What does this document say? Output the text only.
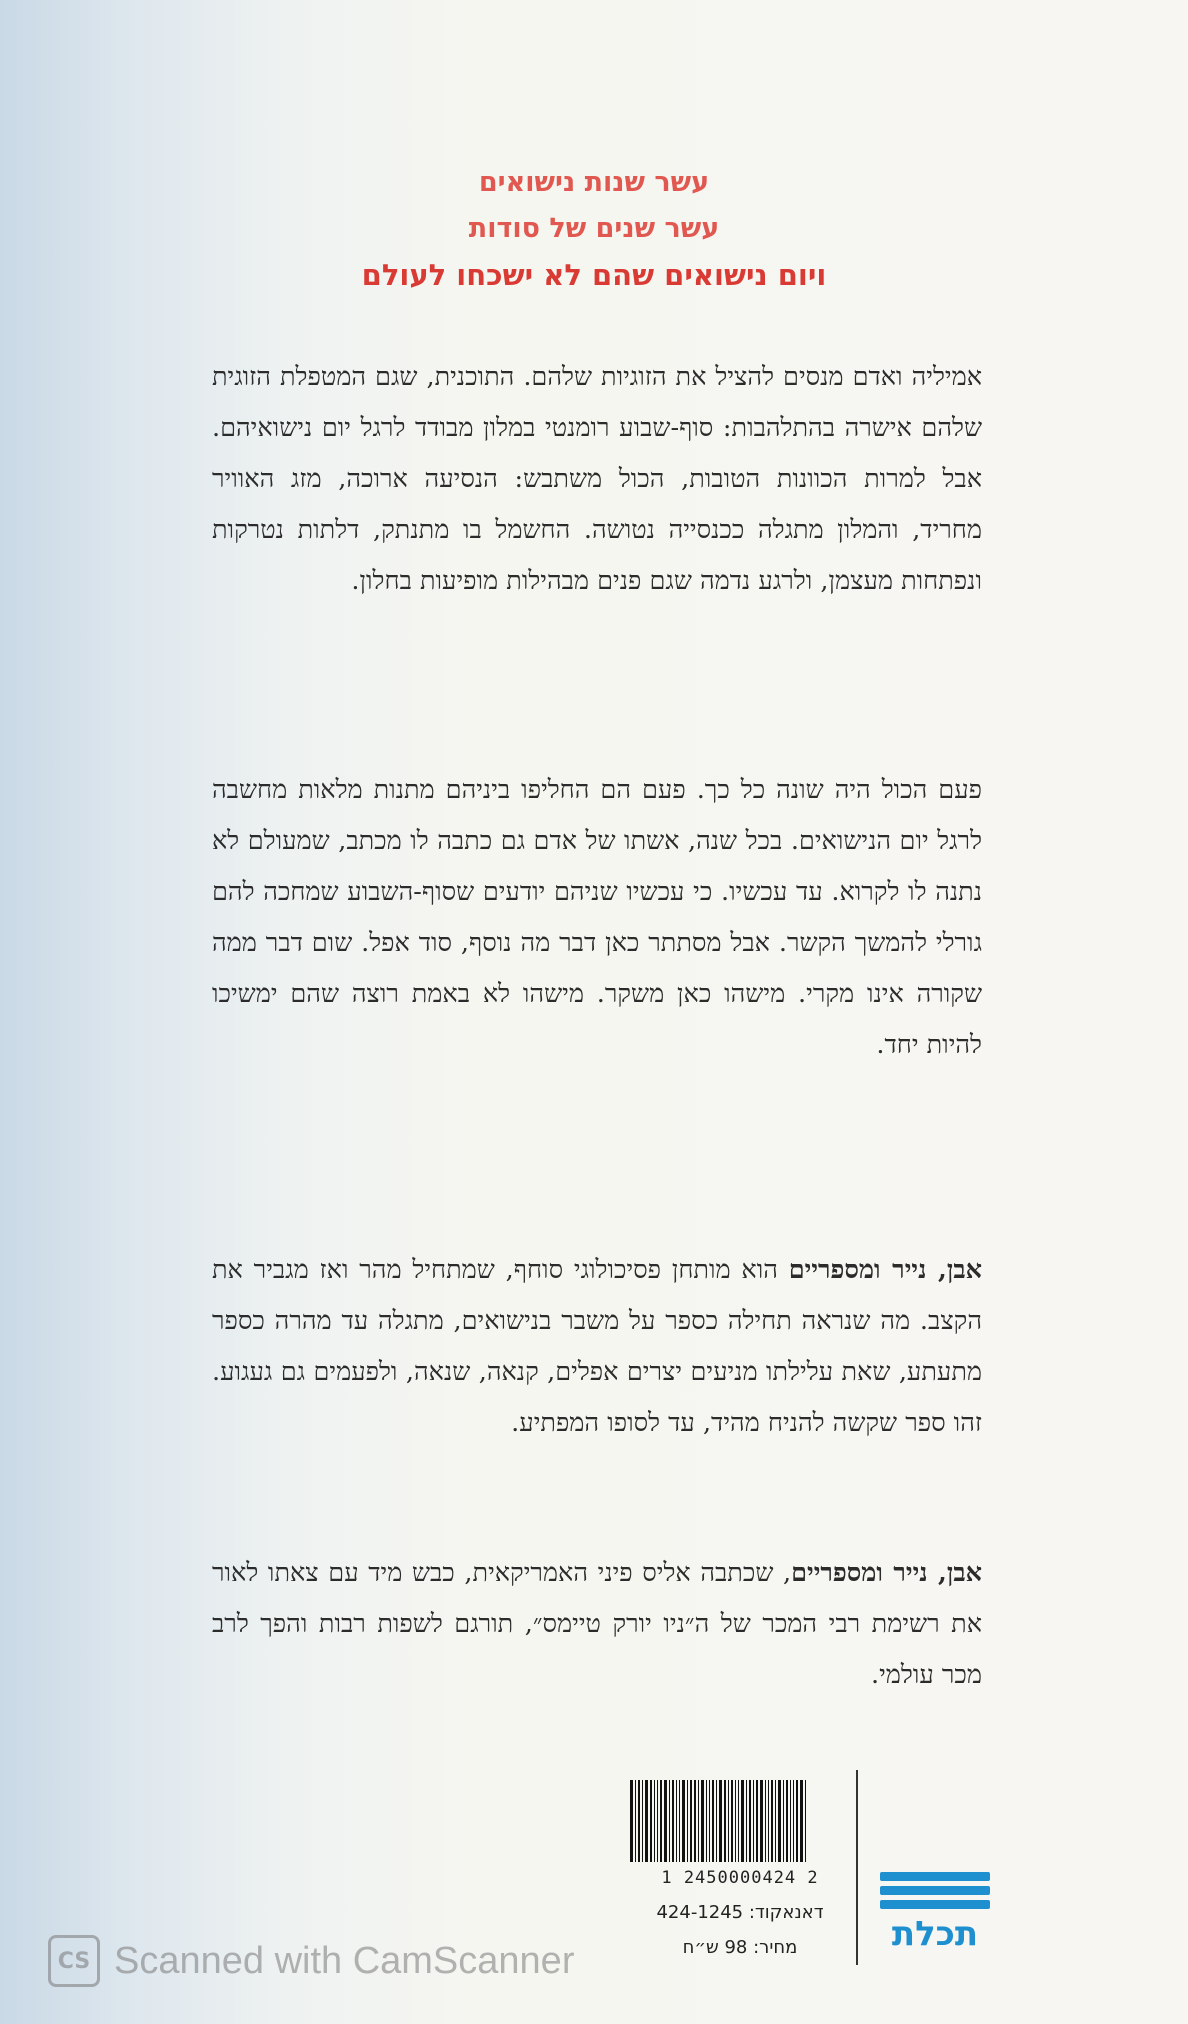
עשר שנות נישואים

עשר שנים של סודות

ויום נישואים שהם לא ישכחו לעולם

אמיליה ואדם מנסים להציל את הזוגיות שלהם. התוכנית, שגם המטפלת הזוגית שלהם אישרה בהתלהבות: סוף-שבוע רומנטי במלון מבודד לרגל יום נישואיהם. אבל למרות הכוונות הטובות, הכול משתבש: הנסיעה ארוכה, מזג האוויר מחריד, והמלון מתגלה ככנסייה נטושה. החשמל בו מתנתק, דלתות נטרקות ונפתחות מעצמן, ולרגע נדמה שגם פנים מבהילות מופיעות בחלון.

פעם הכול היה שונה כל כך. פעם הם החליפו ביניהם מתנות מלאות מחשבה לרגל יום הנישואים. בכל שנה, אשתו של אדם גם כתבה לו מכתב, שמעולם לא נתנה לו לקרוא. עד עכשיו. כי עכשיו שניהם יודעים שסוף-השבוע שמחכה להם גורלי להמשך הקשר. אבל מסתתר כאן דבר מה נוסף, סוד אפל. שום דבר ממה שקורה אינו מקרי. מישהו כאן משקר. מישהו לא באמת רוצה שהם ימשיכו להיות יחד.

אבן, נייר ומספריים הוא מותחן פסיכולוגי סוחף, שמתחיל מהר ואז מגביר את הקצב. מה שנראה תחילה כספר על משבר בנישואים, מתגלה עד מהרה כספר מתעתע, שאת עלילתו מניעים יצרים אפלים, קנאה, שנאה, ולפעמים גם געגוע. זהו ספר שקשה להניח מהיד, עד לסופו המפתיע.

אבן, נייר ומספריים, שכתבה אליס פיני האמריקאית, כבש מיד עם צאתו לאור את רשימת רבי המכר של ה״ניו יורק טיימס״, תורגם לשפות רבות והפך לרב מכר עולמי.

1 2450000424 2
דאנאקוד: 424-1245
מחיר: 98 ש״ח	תכלת
CS Scanned with CamScanner
